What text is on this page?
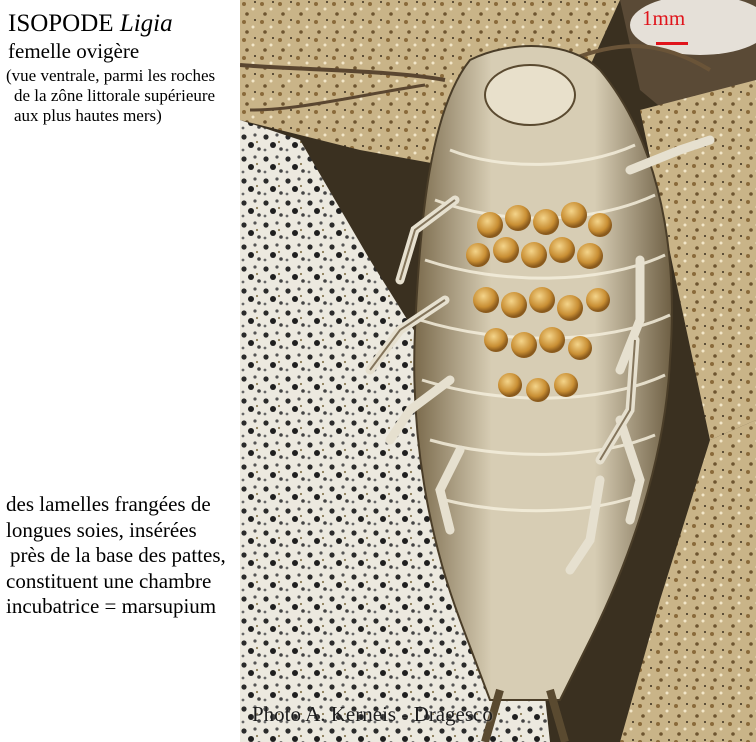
ISOPODE Ligia
femelle ovigère
(vue ventrale, parmi les roches
de la zône littorale supérieure
aux plus hautes mers)
des lamelles frangées de
longues soies, insérées
près de la base des pattes,
constituent une chambre
incubatrice = marsupium
1mm
Photo A. Kerneis - Dragesco
